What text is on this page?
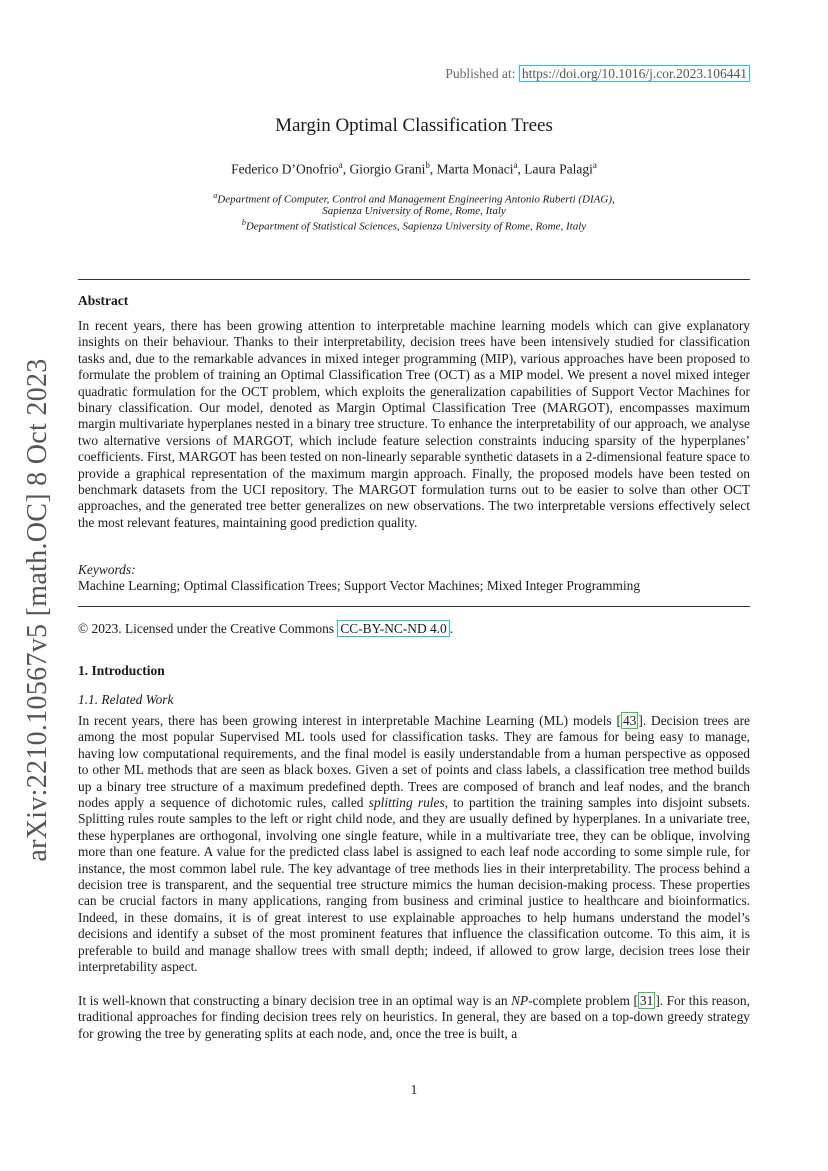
arXiv:2210.10567v5 [math.OC] 8 Oct 2023
Published at: https://doi.org/10.1016/j.cor.2023.106441
Margin Optimal Classification Trees
Federico D’Onofrio$^a$, Giorgio Grani$^b$, Marta Monaci$^a$, Laura Palagi$^a$
$^a$Department of Computer, Control and Management Engineering Antonio Ruberti (DIAG),
Sapienza University of Rome, Rome, Italy
$^b$Department of Statistical Sciences, Sapienza University of Rome, Rome, Italy
Abstract

In recent years, there has been growing attention to interpretable machine learning models which can give explanatory insights on their behaviour. Thanks to their interpretability, decision trees have been intensively studied for classification tasks and, due to the remarkable advances in mixed integer programming (MIP), various approaches have been proposed to formulate the problem of training an Optimal Classification Tree (OCT) as a MIP model. We present a novel mixed integer quadratic formulation for the OCT problem, which exploits the generalization capabilities of Support Vector Machines for binary classification. Our model, denoted as Margin Optimal Classification Tree (MARGOT), encompasses maximum margin multivariate hyperplanes nested in a binary tree structure. To enhance the interpretability of our approach, we analyse two alternative versions of MARGOT, which include feature selection constraints inducing sparsity of the hyperplanes’ coefficients. First, MARGOT has been tested on non-linearly separable synthetic datasets in a 2-dimensional feature space to provide a graphical representation of the maximum margin approach. Finally, the proposed models have been tested on benchmark datasets from the UCI repository. The MARGOT formulation turns out to be easier to solve than other OCT approaches, and the generated tree better generalizes on new observations. The two interpretable versions effectively select the most relevant features, maintaining good prediction quality.

Keywords:
Machine Learning; Optimal Classification Trees; Support Vector Machines; Mixed Integer Programming
© 2023. Licensed under the Creative Commons CC-BY-NC-ND 4.0 .
1. Introduction
1.1. Related Work

In recent years, there has been growing interest in interpretable Machine Learning (ML) models [ 43 ]. Decision trees are among the most popular Supervised ML tools used for classification tasks. They are famous for being easy to manage, having low computational requirements, and the final model is easily understandable from a human perspective as opposed to other ML methods that are seen as black boxes. Given a set of points and class labels, a classification tree method builds up a binary tree structure of a maximum predefined depth. Trees are composed of branch and leaf nodes, and the branch nodes apply a sequence of dichotomic rules, called splitting rules, to partition the training samples into disjoint subsets. Splitting rules route samples to the left or right child node, and they are usually defined by hyperplanes. In a univariate tree, these hyperplanes are orthogonal, involving one single feature, while in a multivariate tree, they can be oblique, involving more than one feature. A value for the predicted class label is assigned to each leaf node according to some simple rule, for instance, the most common label rule. The key advantage of tree methods lies in their interpretability. The process behind a decision tree is transparent, and the sequential tree structure mimics the human decision-making process. These properties can be crucial factors in many applications, ranging from business and criminal justice to healthcare and bioinformatics. Indeed, in these domains, it is of great interest to use explainable approaches to help humans understand the model’s decisions and identify a subset of the most prominent features that influence the classification outcome. To this aim, it is preferable to build and manage shallow trees with small depth; indeed, if allowed to grow large, decision trees lose their interpretability aspect.

It is well-known that constructing a binary decision tree in an optimal way is an NP-complete problem [ 31 ]. For this reason, traditional approaches for finding decision trees rely on heuristics. In general, they are based on a top-down greedy strategy for growing the tree by generating splits at each node, and, once the tree is built, a

1
